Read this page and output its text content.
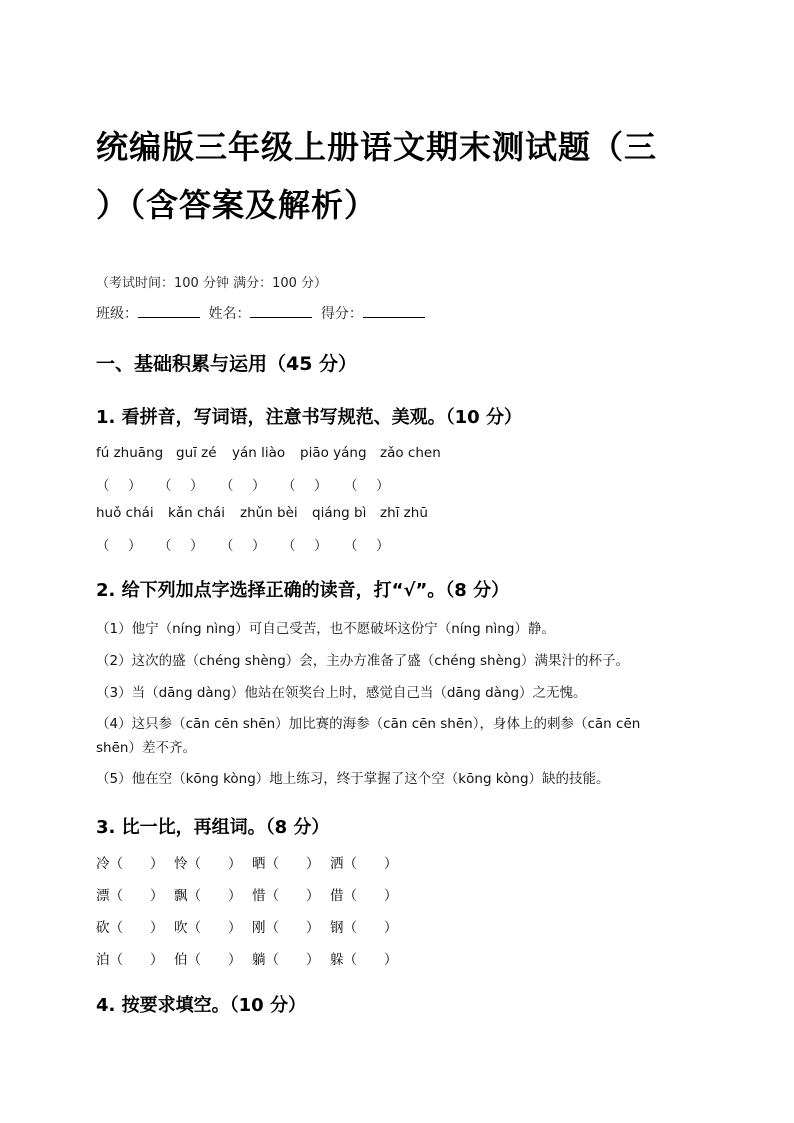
统编版三年级上册语文期末测试题（三
）（含答案及解析）
（考试时间：100 分钟 满分：100 分）
班级：	姓名：	得分：
一、基础积累与运用（45 分）
1. 看拼音，写词语，注意书写规范、美观。（10 分）
fú zhuāng guī zé yán liào piāo yáng zǎo chen
（ ） （ ） （ ） （ ） （ ）
huǒ chái kǎn chái zhǔn bèi qiáng bì zhī zhū
（ ） （ ） （ ） （ ） （ ）
2. 给下列加点字选择正确的读音，打“√”。（8 分）
（1）他宁（níng nìng）可自己受苦，也不愿破坏这份宁（níng nìng）静。
（2）这次的盛（chéng shèng）会，主办方准备了盛（chéng shèng）满果汁的杯子。
（3）当（dāng dàng）他站在领奖台上时，感觉自己当（dāng dàng）之无愧。
（4）这只参（cān cēn shēn）加比赛的海参（cān cēn shēn），身体上的刺参（cān cēn
shēn）差不齐。
（5）他在空（kōng kòng）地上练习，终于掌握了这个空（kōng kòng）缺的技能。
3. 比一比，再组词。（8 分）
冷（　　） 怜（　　） 晒（　　） 洒（　　）
漂（　　） 飘（　　） 惜（　　） 借（　　）
砍（　　） 吹（　　） 刚（　　） 钢（　　）
泊（　　） 伯（　　） 躺（　　） 躲（　　）
4. 按要求填空。（10 分）
